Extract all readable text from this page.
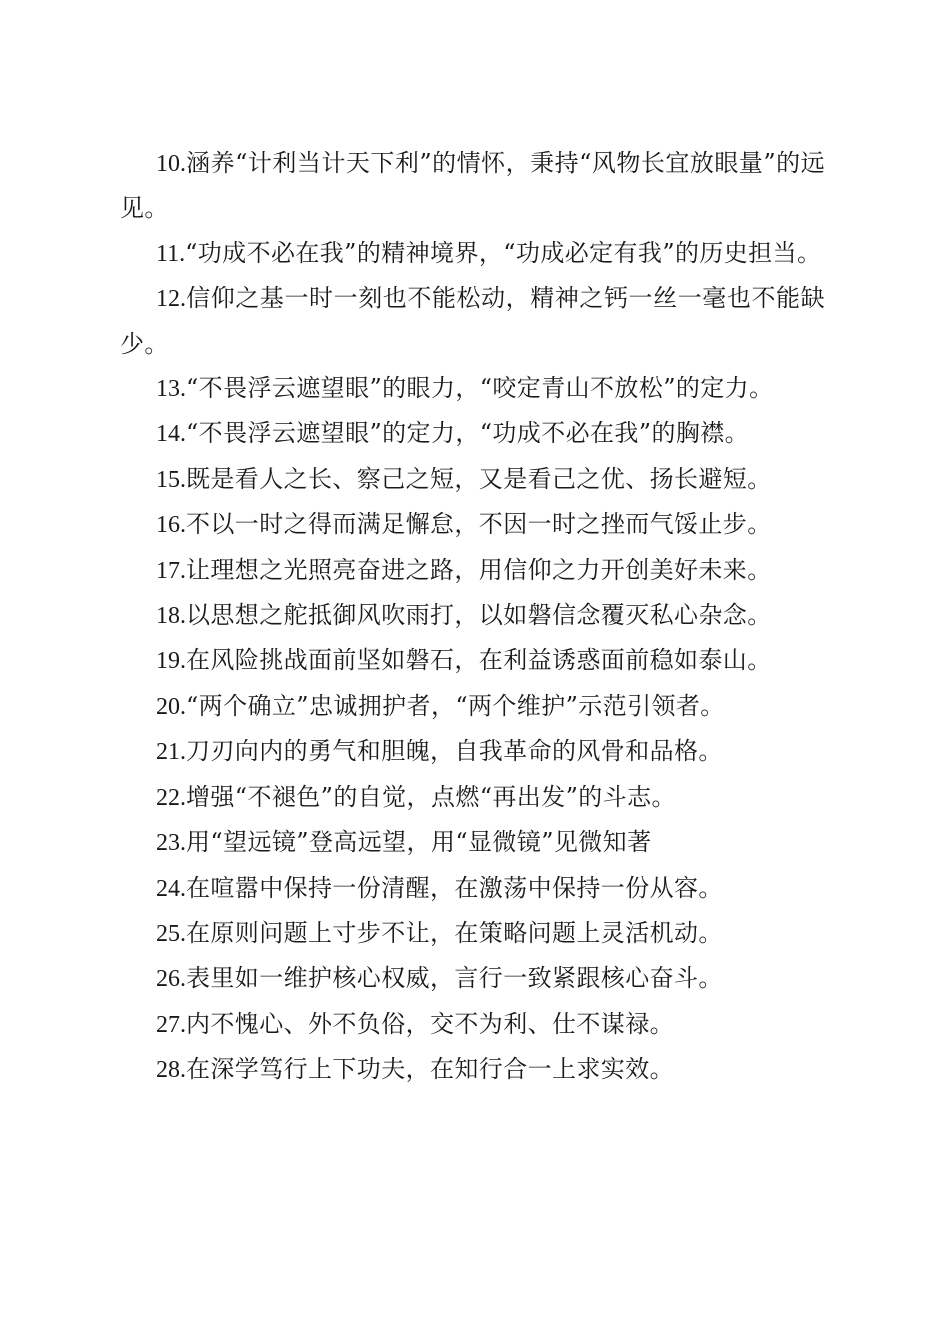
10.涵养“计利当计天下利”的情怀，秉持“风物长宜放眼量”的远见。

11.“功成不必在我”的精神境界，“功成必定有我”的历史担当。

12.信仰之基一时一刻也不能松动，精神之钙一丝一毫也不能缺少。

13.“不畏浮云遮望眼”的眼力，“咬定青山不放松”的定力。

14.“不畏浮云遮望眼”的定力，“功成不必在我”的胸襟。

15.既是看人之长、察己之短，又是看己之优、扬长避短。

16.不以一时之得而满足懈怠，不因一时之挫而气馁止步。

17.让理想之光照亮奋进之路，用信仰之力开创美好未来。

18.以思想之舵抵御风吹雨打，以如磐信念覆灭私心杂念。

19.在风险挑战面前坚如磐石，在利益诱惑面前稳如泰山。

20.“两个确立”忠诚拥护者，“两个维护”示范引领者。

21.刀刃向内的勇气和胆魄，自我革命的风骨和品格。

22.增强“不褪色”的自觉，点燃“再出发”的斗志。

23.用“望远镜”登高远望，用“显微镜”见微知著

24.在喧嚣中保持一份清醒，在激荡中保持一份从容。

25.在原则问题上寸步不让，在策略问题上灵活机动。

26.表里如一维护核心权威，言行一致紧跟核心奋斗。

27.内不愧心、外不负俗，交不为利、仕不谋禄。

28.在深学笃行上下功夫，在知行合一上求实效。
